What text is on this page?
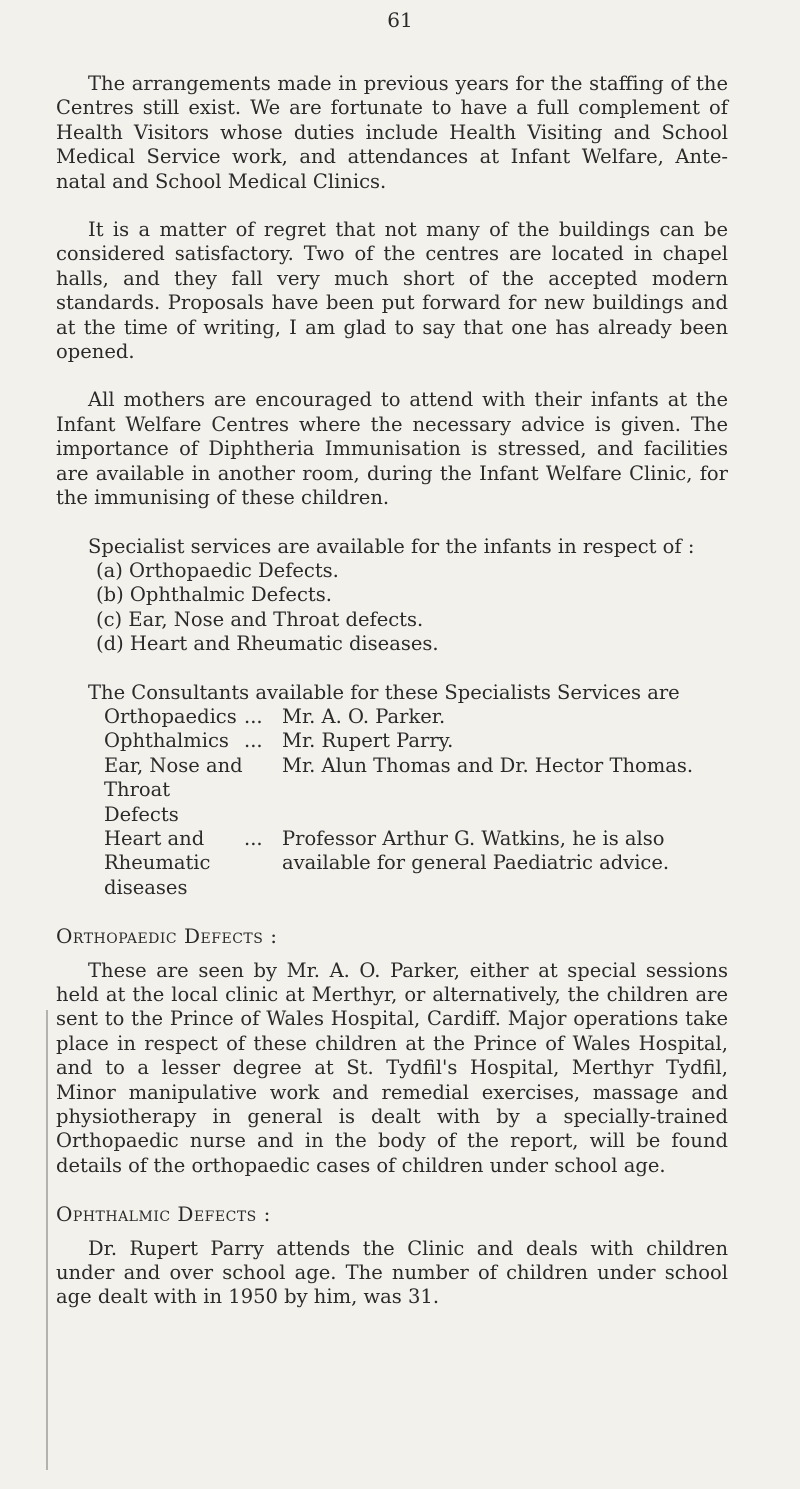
61

The arrangements made in previous years for the staffing of the Centres still exist. We are fortunate to have a full complement of Health Visitors whose duties include Health Visiting and School Medical Service work, and attendances at Infant Welfare, Ante-natal and School Medical Clinics.

It is a matter of regret that not many of the buildings can be considered satisfactory. Two of the centres are located in chapel halls, and they fall very much short of the accepted modern standards. Proposals have been put forward for new buildings and at the time of writing, I am glad to say that one has already been opened.

All mothers are encouraged to attend with their infants at the Infant Welfare Centres where the necessary advice is given. The importance of Diphtheria Immunisation is stressed, and facilities are available in another room, during the Infant Welfare Clinic, for the immunising of these children.

Specialist services are available for the infants in respect of :

(a) Orthopaedic Defects.
(b) Ophthalmic Defects.
(c) Ear, Nose and Throat defects.
(d) Heart and Rheumatic diseases.

The Consultants available for these Specialists Services are

Orthopaedics	...	Mr. A. O. Parker.
Ophthalmics	...	Mr. Rupert Parry.
Ear, Nose and Throat Defects		Mr. Alun Thomas and Dr. Hector Thomas.
Heart and Rheumatic diseases	...	Professor Arthur G. Watkins, he is also available for general Paediatric advice.
Orthopaedic Defects :

These are seen by Mr. A. O. Parker, either at special sessions held at the local clinic at Merthyr, or alternatively, the children are sent to the Prince of Wales Hospital, Cardiff. Major operations take place in respect of these children at the Prince of Wales Hospital, and to a lesser degree at St. Tydfil's Hospital, Merthyr Tydfil, Minor manipulative work and remedial exercises, massage and physiotherapy in general is dealt with by a specially-trained Orthopaedic nurse and in the body of the report, will be found details of the orthopaedic cases of children under school age.

Ophthalmic Defects :

Dr. Rupert Parry attends the Clinic and deals with children under and over school age. The number of children under school age dealt with in 1950 by him, was 31.
